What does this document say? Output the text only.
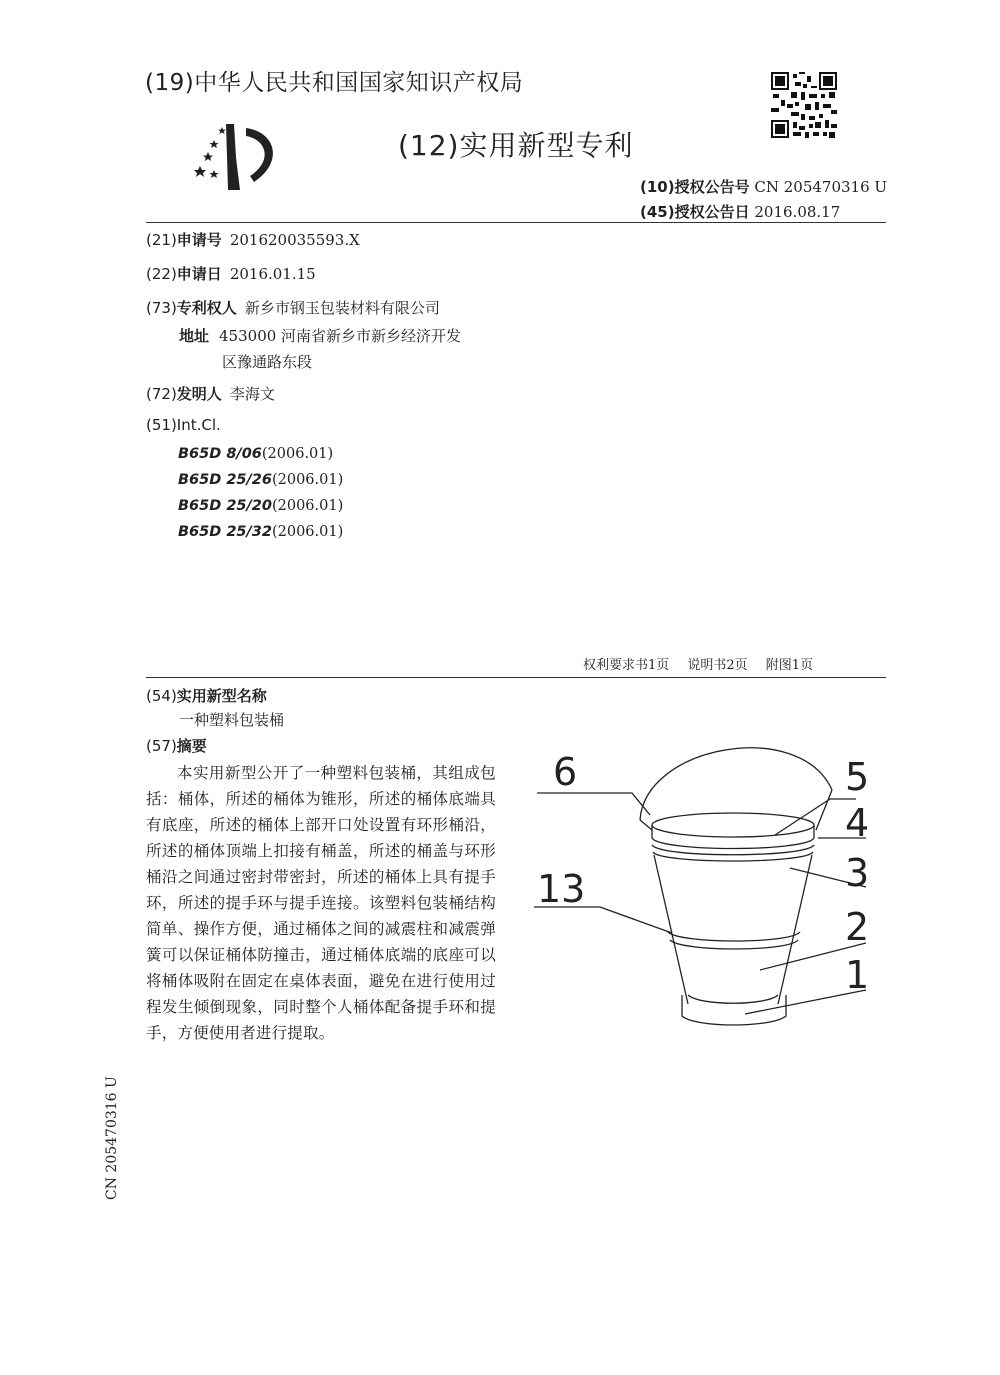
(19)中华人民共和国国家知识产权局
(12)实用新型专利
(10)授权公告号 CN 205470316 U
(45)授权公告日 2016.08.17
(21)申请号 201620035593.X
(22)申请日 2016.01.15
(73)专利权人 新乡市钢玉包装材料有限公司
地址 453000 河南省新乡市新乡经济开发
区豫通路东段
(72)发明人 李海文
(51)Int.Cl.
B65D 8/06(2006.01)
B65D 25/26(2006.01)
B65D 25/20(2006.01)
B65D 25/32(2006.01)
权利要求书1页 说明书2页 附图1页
(54)实用新型名称
一种塑料包装桶
(57)摘要
本实用新型公开了一种塑料包装桶，其组成包括：桶体，所述的桶体为锥形，所述的桶体底端具有底座，所述的桶体上部开口处设置有环形桶沿，所述的桶体顶端上扣接有桶盖，所述的桶盖与环形桶沿之间通过密封带密封，所述的桶体上具有提手环，所述的提手环与提手连接。该塑料包装桶结构简单、操作方便，通过桶体之间的减震柱和减震弹簧可以保证桶体防撞击，通过桶体底端的底座可以将桶体吸附在固定在桌体表面，避免在进行使用过程发生倾倒现象，同时整个人桶体配备提手环和提手，方便使用者进行提取。
6	5
4
3
13
2
1
CN 205470316 U
